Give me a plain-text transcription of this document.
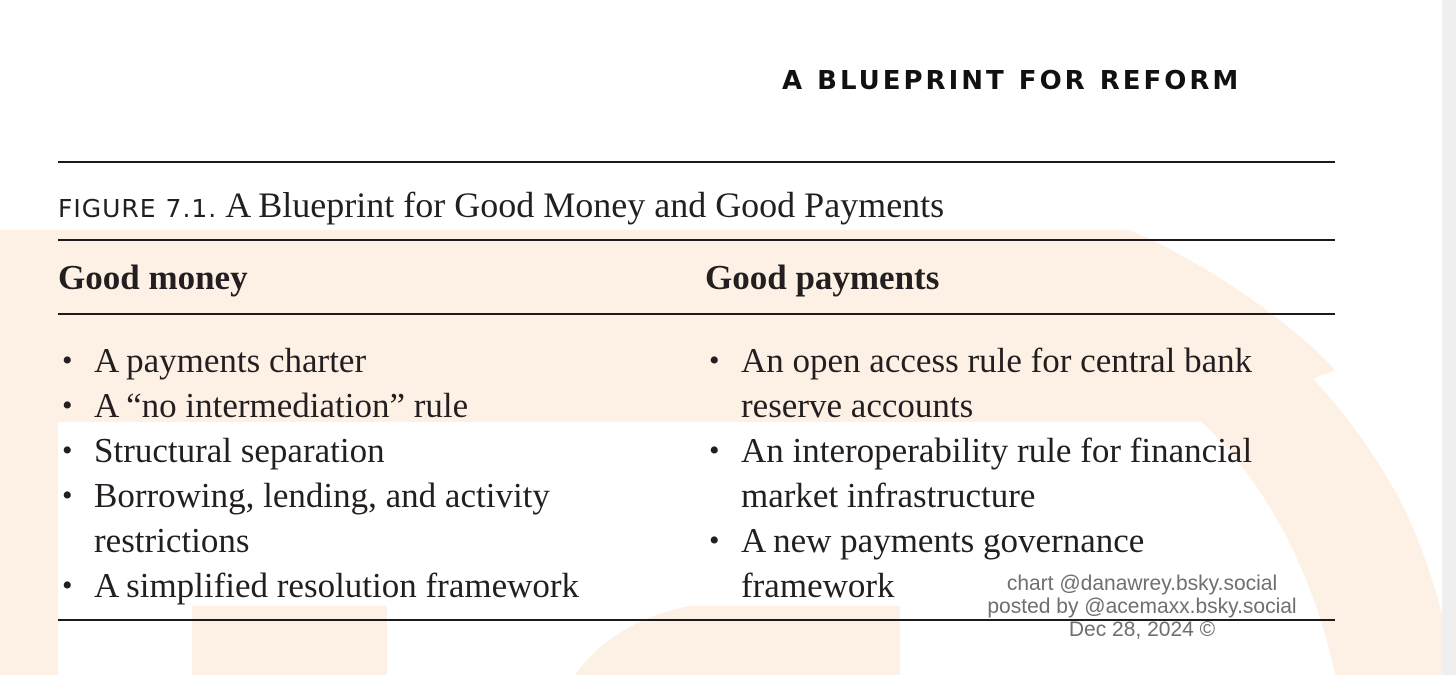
A BLUEPRINT FOR REFORM
FIGURE 7.1. A Blueprint for Good Money and Good Payments
Good money	Good payments
• A payments charter
• A “no intermediation” rule
• Structural separation
• Borrowing, lending, and activity restrictions
• A simplified resolution framework
• An open access rule for central bank reserve accounts
• An interoperability rule for financial market infrastructure
• A new payments governance framework	chart @danawrey.bsky.social
posted by @acemaxx.bsky.social
Dec 28, 2024 ©
